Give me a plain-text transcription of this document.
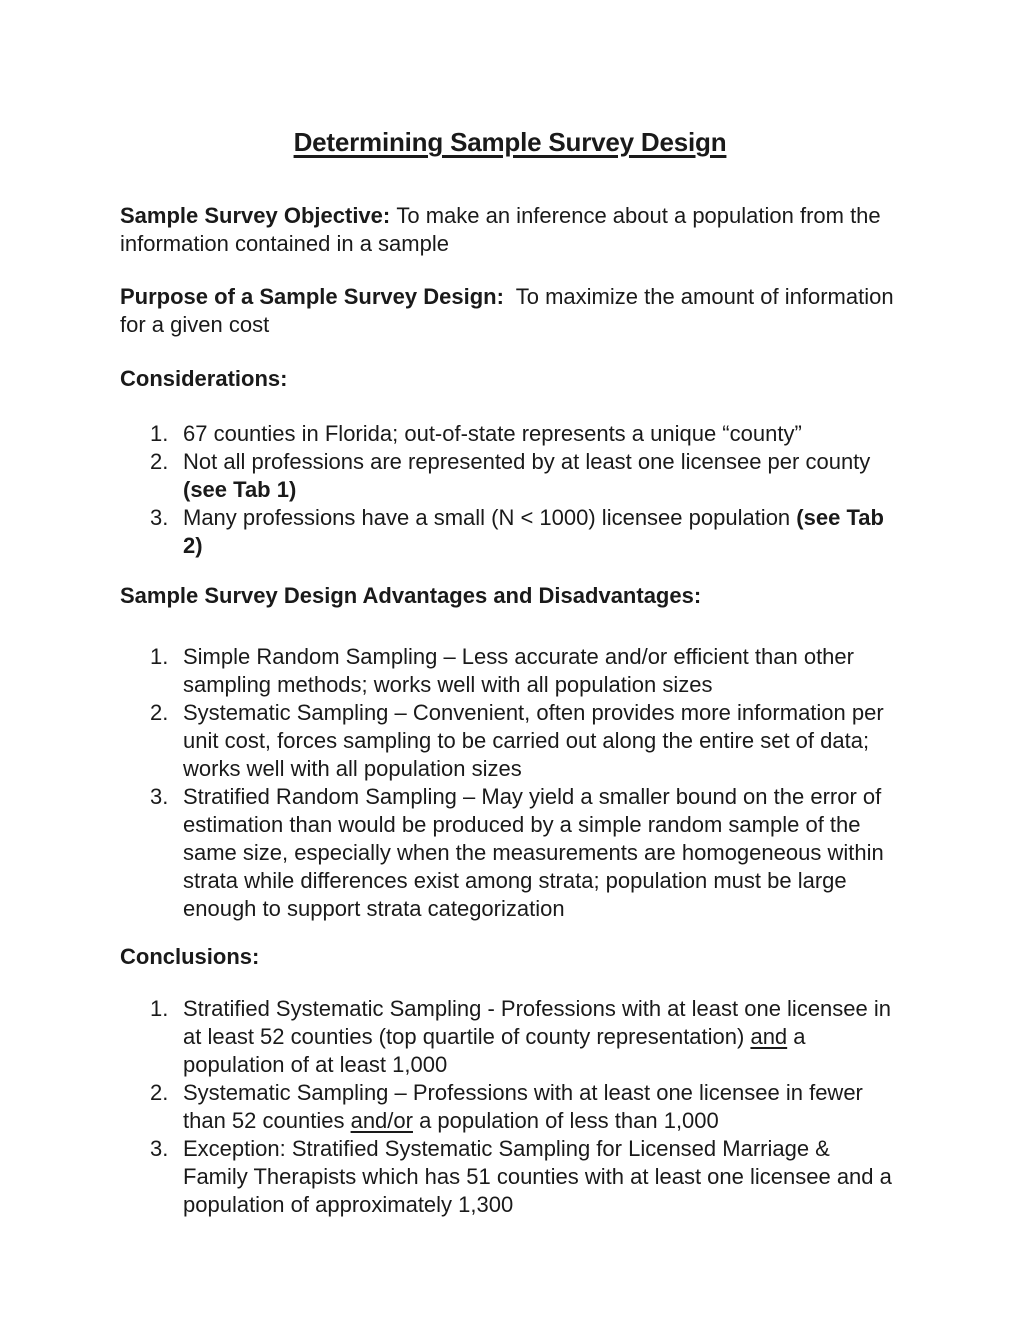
Determining Sample Survey Design

Sample Survey Objective: To make an inference about a population from the information contained in a sample

Purpose of a Sample Survey Design:  To maximize the amount of information for a given cost

Considerations:
1. 67 counties in Florida; out-of-state represents a unique “county”
2. Not all professions are represented by at least one licensee per county (see Tab 1)
3. Many professions have a small (N < 1000) licensee population (see Tab 2)
Sample Survey Design Advantages and Disadvantages:
1. Simple Random Sampling – Less accurate and/or efficient than other sampling methods; works well with all population sizes
2. Systematic Sampling – Convenient, often provides more information per unit cost, forces sampling to be carried out along the entire set of data; works well with all population sizes
3. Stratified Random Sampling – May yield a smaller bound on the error of estimation than would be produced by a simple random sample of the same size, especially when the measurements are homogeneous within strata while differences exist among strata; population must be large enough to support strata categorization
Conclusions:
1. Stratified Systematic Sampling - Professions with at least one licensee in at least 52 counties (top quartile of county representation) and a population of at least 1,000
2. Systematic Sampling – Professions with at least one licensee in fewer than 52 counties and/or a population of less than 1,000
3. Exception: Stratified Systematic Sampling for Licensed Marriage & Family Therapists which has 51 counties with at least one licensee and a population of approximately 1,300
